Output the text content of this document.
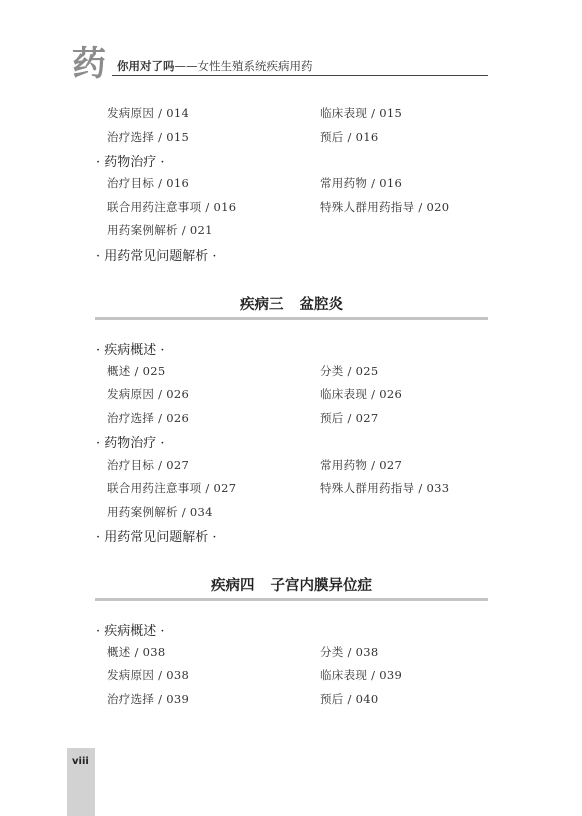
药 你用对了吗——女性生殖系统疾病用药
发病原因 / 014	临床表现 / 015
治疗选择 / 015	预后 / 016
· 药物治疗 ·
治疗目标 / 016	常用药物 / 016
联合用药注意事项 / 016	特殊人群用药指导 / 020
用药案例解析 / 021
· 用药常见问题解析 ·
疾病三 盆腔炎
· 疾病概述 ·
概述 / 025	分类 / 025
发病原因 / 026	临床表现 / 026
治疗选择 / 026	预后 / 027
· 药物治疗 ·
治疗目标 / 027	常用药物 / 027
联合用药注意事项 / 027	特殊人群用药指导 / 033
用药案例解析 / 034
· 用药常见问题解析 ·
疾病四 子宫内膜异位症
· 疾病概述 ·
概述 / 038	分类 / 038
发病原因 / 038	临床表现 / 039
治疗选择 / 039	预后 / 040
viii
